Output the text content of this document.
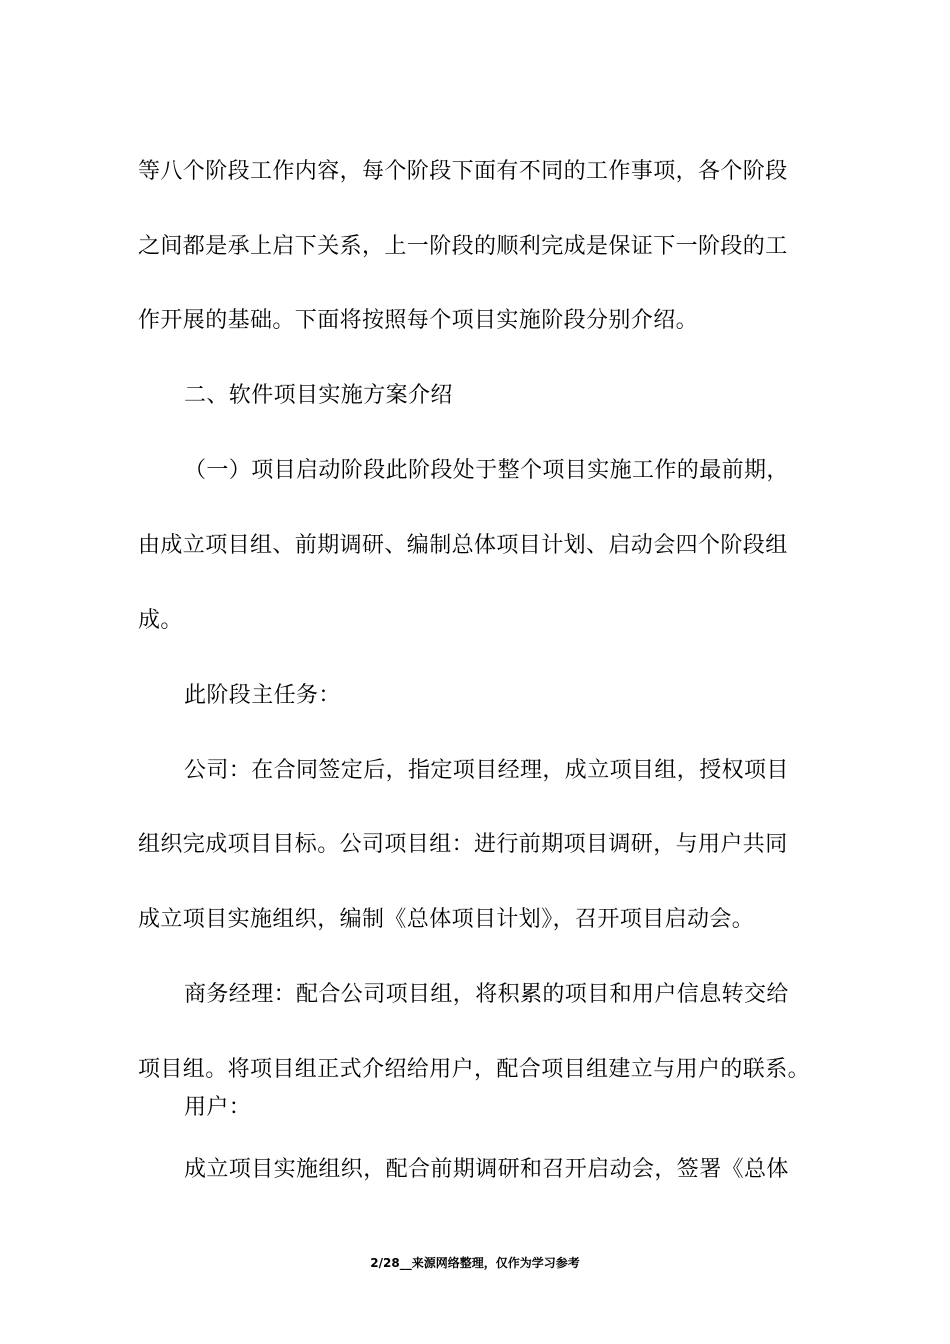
等八个阶段工作内容，每个阶段下面有不同的工作事项，各个阶段
之间都是承上启下关系，上一阶段的顺利完成是保证下一阶段的工
作开展的基础。下面将按照每个项目实施阶段分别介绍。
二、软件项目实施方案介绍
（一）项目启动阶段此阶段处于整个项目实施工作的最前期，
由成立项目组、前期调研、编制总体项目计划、启动会四个阶段组
成。
此阶段主任务：
公司：在合同签定后，指定项目经理，成立项目组，授权项目
组织完成项目目标。公司项目组：进行前期项目调研，与用户共同
成立项目实施组织，编制《总体项目计划》，召开项目启动会。
商务经理：配合公司项目组，将积累的项目和用户信息转交给
项目组。将项目组正式介绍给用户，配合项目组建立与用户的联系。
用户：
成立项目实施组织，配合前期调研和召开启动会，签署《总体
2/28__来源网络整理，仅作为学习参考
